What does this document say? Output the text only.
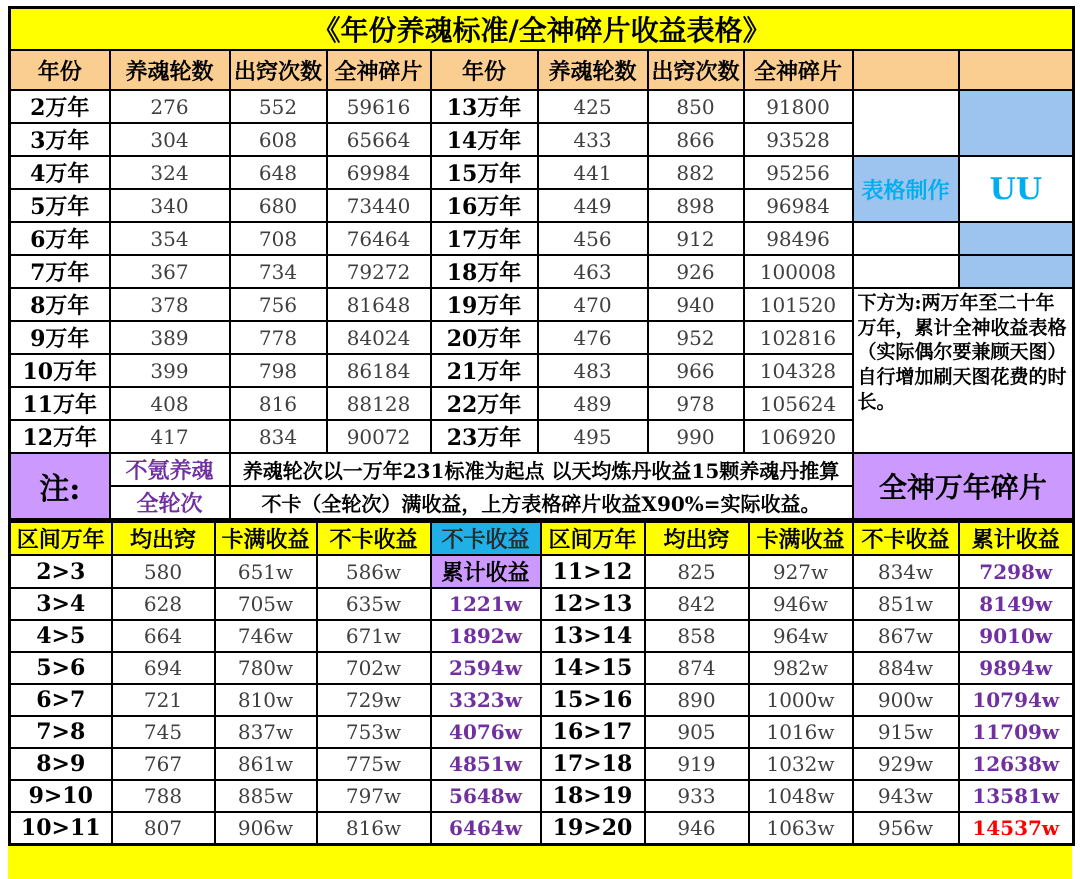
《年份养魂标准/全神碎片收益表格》									
年份	养魂轮数	出窍次数	全神碎片	年份	养魂轮数	出窍次数	全神碎片		
2万年	276	552	59616	13万年	425	850	91800		
3万年	304	608	65664	14万年	433	866	93528		
4万年	324	648	69984	15万年	441	882	95256	表格制作	UU
5万年	340	680	73440	16万年	449	898	96984		
6万年	354	708	76464	17万年	456	912	98496		
7万年	367	734	79272	18万年	463	926	100008		
8万年	378	756	81648	19万年	470	940	101520	下方为:两万年至二十年万年，累计全神收益表格（实际偶尔要兼顾天图）自行增加刷天图花费的时长。	
9万年	389	778	84024	20万年	476	952	102816		
10万年	399	798	86184	21万年	483	966	104328		
11万年	408	816	88128	22万年	489	978	105624		
12万年	417	834	90072	23万年	495	990	106920		
注:	不氪养魂	养魂轮次以一万年231标准为起点 以天均炼丹收益15颗养魂丹推算						全神万年碎片	
	全轮次	不卡（全轮次）满收益，上方表格碎片收益X90%=实际收益。							
区间万年	均出窍	卡满收益	不卡收益	不卡收益	区间万年	均出窍	卡满收益	不卡收益	累计收益
2>3	580	651w	586w	累计收益	11>12	825	927w	834w	7298w
3>4	628	705w	635w	1221w	12>13	842	946w	851w	8149w
4>5	664	746w	671w	1892w	13>14	858	964w	867w	9010w
5>6	694	780w	702w	2594w	14>15	874	982w	884w	9894w
6>7	721	810w	729w	3323w	15>16	890	1000w	900w	10794w
7>8	745	837w	753w	4076w	16>17	905	1016w	915w	11709w
8>9	767	861w	775w	4851w	17>18	919	1032w	929w	12638w
9>10	788	885w	797w	5648w	18>19	933	1048w	943w	13581w
10>11	807	906w	816w	6464w	19>20	946	1063w	956w	14537w
